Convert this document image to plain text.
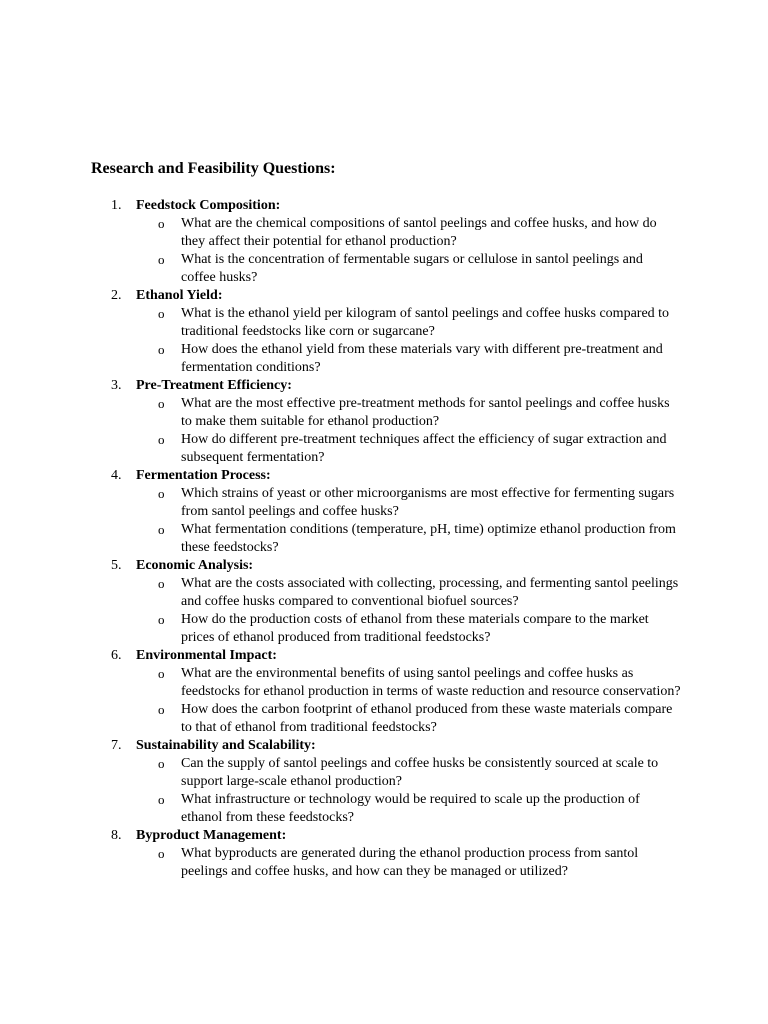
Research and Feasibility Questions:
1.	Feedstock Composition:
o What are the chemical compositions of santol peelings and coffee husks, and how do they affect their potential for ethanol production?
o What is the concentration of fermentable sugars or cellulose in santol peelings and coffee husks?
2.	Ethanol Yield:
o What is the ethanol yield per kilogram of santol peelings and coffee husks compared to traditional feedstocks like corn or sugarcane?
o How does the ethanol yield from these materials vary with different pre-treatment and fermentation conditions?
3.	Pre-Treatment Efficiency:
o What are the most effective pre-treatment methods for santol peelings and coffee husks to make them suitable for ethanol production?
o How do different pre-treatment techniques affect the efficiency of sugar extraction and subsequent fermentation?
4.	Fermentation Process:
o Which strains of yeast or other microorganisms are most effective for fermenting sugars from santol peelings and coffee husks?
o What fermentation conditions (temperature, pH, time) optimize ethanol production from these feedstocks?
5.	Economic Analysis:
o What are the costs associated with collecting, processing, and fermenting santol peelings and coffee husks compared to conventional biofuel sources?
o How do the production costs of ethanol from these materials compare to the market prices of ethanol produced from traditional feedstocks?
6.	Environmental Impact:
o What are the environmental benefits of using santol peelings and coffee husks as feedstocks for ethanol production in terms of waste reduction and resource conservation?
o How does the carbon footprint of ethanol produced from these waste materials compare to that of ethanol from traditional feedstocks?
7.	Sustainability and Scalability:
o Can the supply of santol peelings and coffee husks be consistently sourced at scale to support large-scale ethanol production?
o What infrastructure or technology would be required to scale up the production of ethanol from these feedstocks?
8.	Byproduct Management:
o What byproducts are generated during the ethanol production process from santol peelings and coffee husks, and how can they be managed or utilized?
